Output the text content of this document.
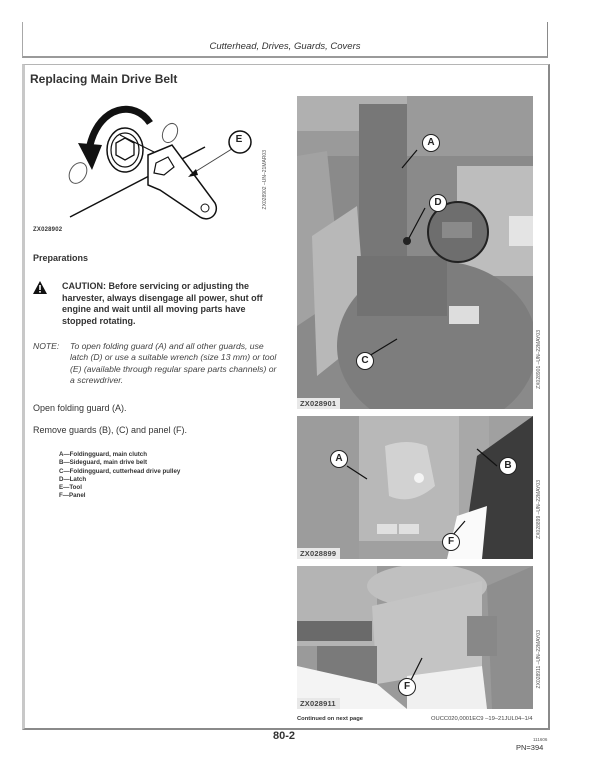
Cutterhead, Drives, Guards, Covers
Replacing Main Drive Belt
E
ZX028902
ZX028902 –UN–21MAR03
Preparations
CAUTION: Before servicing or adjusting the harvester, always disengage all power, shut off engine and wait until all moving parts have stopped rotating.
NOTE: To open folding guard (A) and all other guards, use latch (D) or use a suitable wrench (size 13 mm) or tool (E) (available through regular spare parts channels) or a screwdriver.
Open folding guard (A).
Remove guards (B), (C) and panel (F).
A—Foldingguard, main clutch
B—Sideguard, main drive belt
C—Foldingguard, cutterhead drive pulley
D—Latch
E—Tool
F—Panel
A
D
C
ZX028901
ZX028901 –UN–22MAY03
A
B
F
ZX028899
ZX028899 –UN–22MAY03
F
ZX028911
ZX028911 –UN–22MAY03
Continued on next page	OUCC020,0001EC9 –19–21JUL04–1/4
80-2	111606
PN=394
